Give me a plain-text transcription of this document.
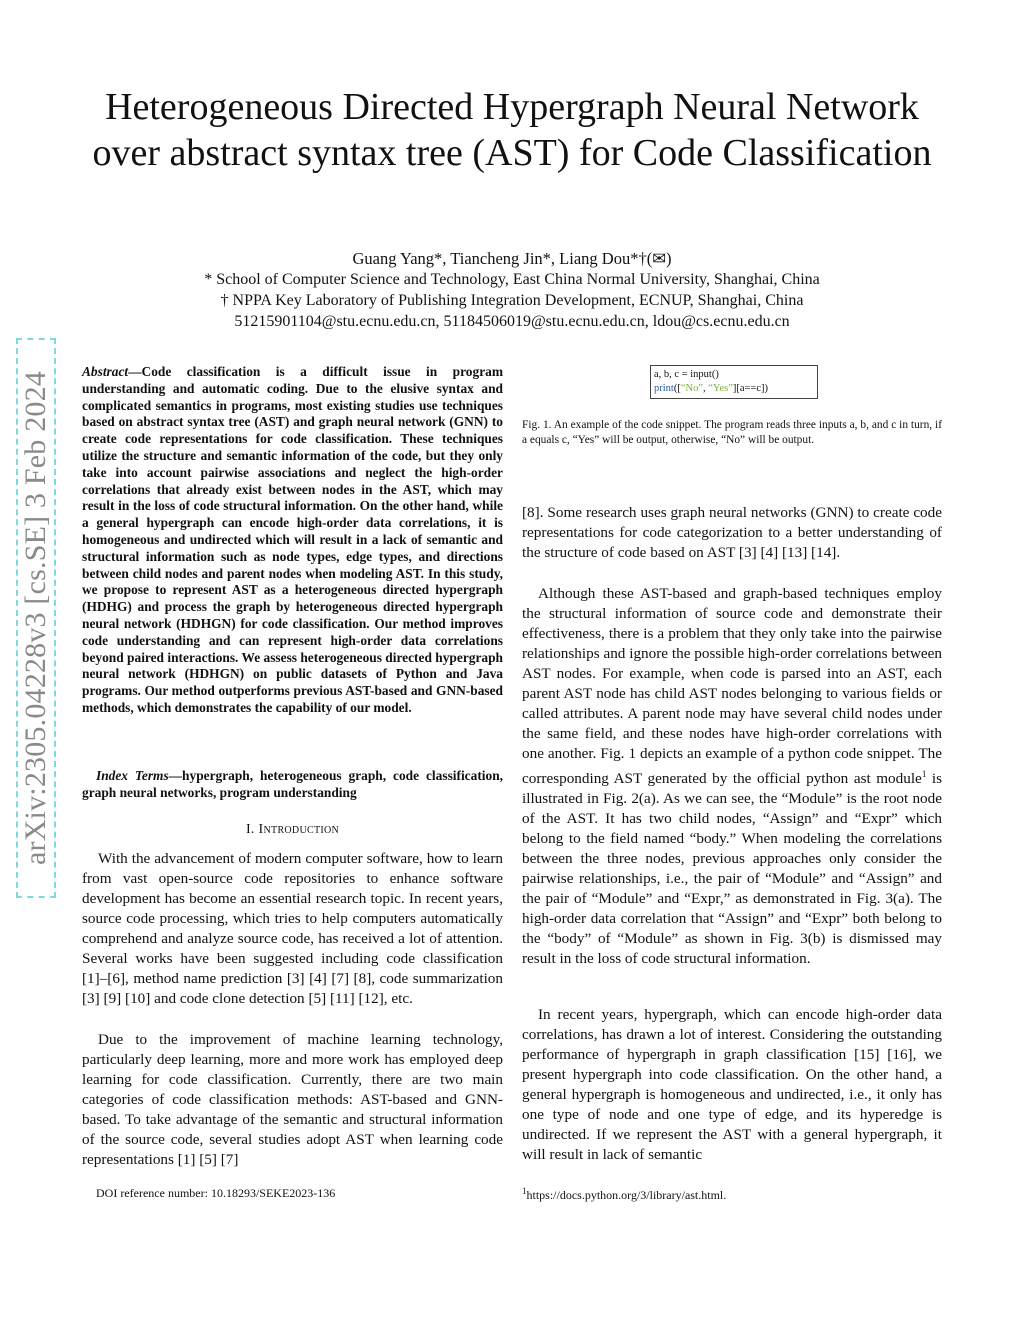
arXiv:2305.04228v3 [cs.SE] 3 Feb 2024
Heterogeneous Directed Hypergraph Neural Network over abstract syntax tree (AST) for Code Classification
Guang Yang*, Tiancheng Jin*, Liang Dou*†(✉)
* School of Computer Science and Technology, East China Normal University, Shanghai, China
† NPPA Key Laboratory of Publishing Integration Development, ECNUP, Shanghai, China
51215901104@stu.ecnu.edu.cn, 51184506019@stu.ecnu.edu.cn, ldou@cs.ecnu.edu.cn
Abstract—Code classification is a difficult issue in program understanding and automatic coding. Due to the elusive syntax and complicated semantics in programs, most existing studies use techniques based on abstract syntax tree (AST) and graph neural network (GNN) to create code representations for code classification. These techniques utilize the structure and semantic information of the code, but they only take into account pairwise associations and neglect the high-order correlations that already exist between nodes in the AST, which may result in the loss of code structural information. On the other hand, while a general hypergraph can encode high-order data correlations, it is homogeneous and undirected which will result in a lack of semantic and structural information such as node types, edge types, and directions between child nodes and parent nodes when modeling AST. In this study, we propose to represent AST as a heterogeneous directed hypergraph (HDHG) and process the graph by heterogeneous directed hypergraph neural network (HDHGN) for code classification. Our method improves code understanding and can represent high-order data correlations beyond paired interactions. We assess heterogeneous directed hypergraph neural network (HDHGN) on public datasets of Python and Java programs. Our method outperforms previous AST-based and GNN-based methods, which demonstrates the capability of our model.
Index Terms—hypergraph, heterogeneous graph, code classification, graph neural networks, program understanding
I. Introduction

With the advancement of modern computer software, how to learn from vast open-source code repositories to enhance software development has become an essential research topic. In recent years, source code processing, which tries to help computers automatically comprehend and analyze source code, has received a lot of attention. Several works have been suggested including code classification [1]–[6], method name prediction [3] [4] [7] [8], code summarization [3] [9] [10] and code clone detection [5] [11] [12], etc.

Due to the improvement of machine learning technology, particularly deep learning, more and more work has employed deep learning for code classification. Currently, there are two main categories of code classification methods: AST-based and GNN-based. To take advantage of the semantic and structural information of the source code, several studies adopt AST when learning code representations [1] [5] [7]

a, b, c = input()
print([“No”, “Yes”][a==c])
Fig. 1. An example of the code snippet. The program reads three inputs a, b, and c in turn, if a equals c, “Yes” will be output, otherwise, “No” will be output.

[8]. Some research uses graph neural networks (GNN) to create code representations for code categorization to a better understanding of the structure of code based on AST [3] [4] [13] [14].

Although these AST-based and graph-based techniques employ the structural information of source code and demonstrate their effectiveness, there is a problem that they only take into the pairwise relationships and ignore the possible high-order correlations between AST nodes. For example, when code is parsed into an AST, each parent AST node has child AST nodes belonging to various fields or called attributes. A parent node may have several child nodes under the same field, and these nodes have high-order correlations with one another. Fig. 1 depicts an example of a python code snippet. The corresponding AST generated by the official python ast module$^1$ is illustrated in Fig. 2(a). As we can see, the “Module” is the root node of the AST. It has two child nodes, “Assign” and “Expr” which belong to the field named “body.” When modeling the correlations between the three nodes, previous approaches only consider the pairwise relationships, i.e., the pair of “Module” and “Assign” and the pair of “Module” and “Expr,” as demonstrated in Fig. 3(a). The high-order data correlation that “Assign” and “Expr” both belong to the “body” of “Module” as shown in Fig. 3(b) is dismissed may result in the loss of code structural information.

In recent years, hypergraph, which can encode high-order data correlations, has drawn a lot of interest. Considering the outstanding performance of hypergraph in graph classification [15] [16], we present hypergraph into code classification. On the other hand, a general hypergraph is homogeneous and undirected, i.e., it only has one type of node and one type of edge, and its hyperedge is undirected. If we represent the AST with a general hypergraph, it will result in lack of semantic

DOI reference number: 10.18293/SEKE2023-136	$^1$https://docs.python.org/3/library/ast.html.
